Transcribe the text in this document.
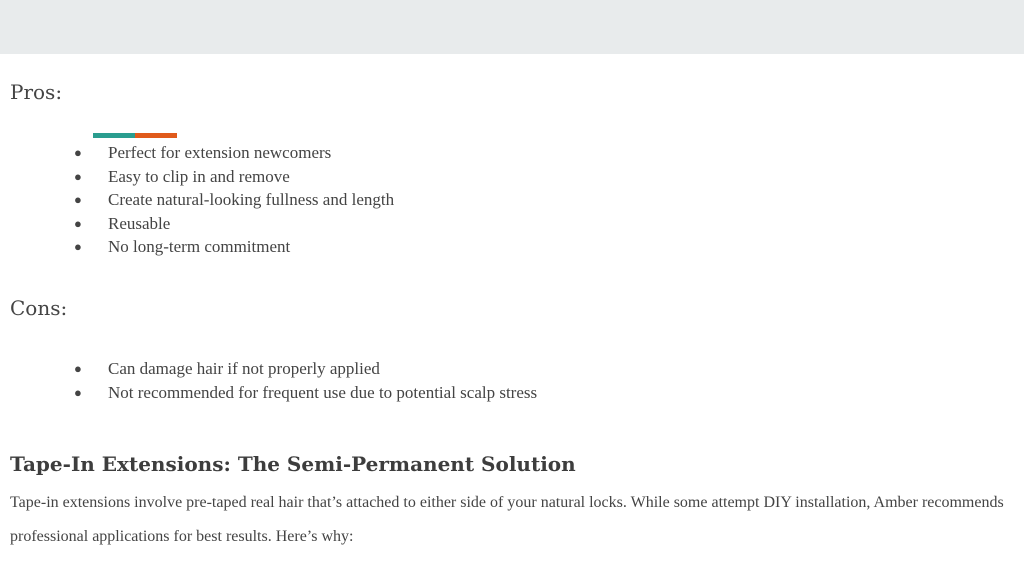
Pros:
● Perfect for extension newcomers
● Easy to clip in and remove
● Create natural-looking fullness and length
● Reusable
● No long-term commitment
Cons:
● Can damage hair if not properly applied
● Not recommended for frequent use due to potential scalp stress
Tape-In Extensions: The Semi-Permanent Solution
Tape-in extensions involve pre-taped real hair that’s attached to either side of your natural locks. While some attempt DIY installation, Amber recommends professional applications for best results. Here’s why:
